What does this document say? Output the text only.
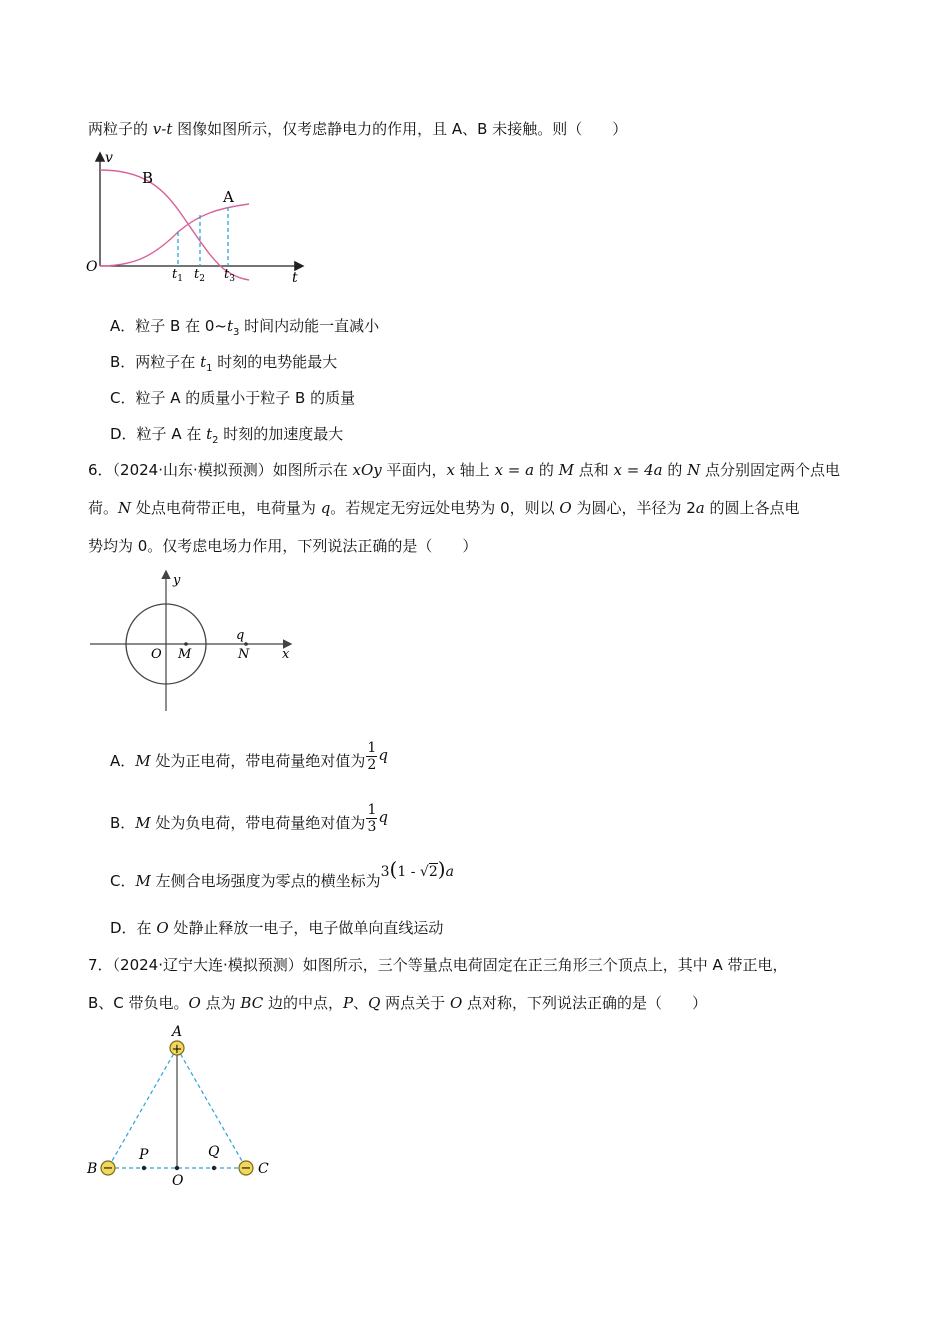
两粒子的 v-t 图像如图所示，仅考虑静电力的作用，且 A、B 未接触。则（　　）
v
t
O
B
A
$t_1$ $t_2$ $t_3$
A．粒子 B 在 $0\sim t_3$ 时间内动能一直减小
B．两粒子在 $t_1$ 时刻的电势能最大
C．粒子 A 的质量小于粒子 B 的质量
D．粒子 A 在 $t_2$ 时刻的加速度最大
6．（2024·山东·模拟预测）如图所示在 xOy 平面内，x 轴上 x = a 的 M 点和 x = 4a 的 N 点分别固定两个点电
荷。N 处点电荷带正电，电荷量为 q。若规定无穷远处电势为 0，则以 O 为圆心，半径为 2a 的圆上各点电
势均为 0。仅考虑电场力作用，下列说法正确的是（　　）
y
x
O M	N
q
A．M 处为正电荷，带电荷量绝对值为 $\frac{1}{2}$ q
B．M 处为负电荷，带电荷量绝对值为 $\frac{1}{3}$ q
C．M 左侧合电场强度为零点的横坐标为3(1 - √2)a
D．在 O 处静止释放一电子，电子做单向直线运动
7．（2024·辽宁大连·模拟预测）如图所示，三个等量点电荷固定在正三角形三个顶点上，其中 A 带正电，
B、C 带负电。O 点为 BC 边的中点，P、Q 两点关于 O 点对称，下列说法正确的是（　　）
+
−	−
A
B	C
P	Q
O
